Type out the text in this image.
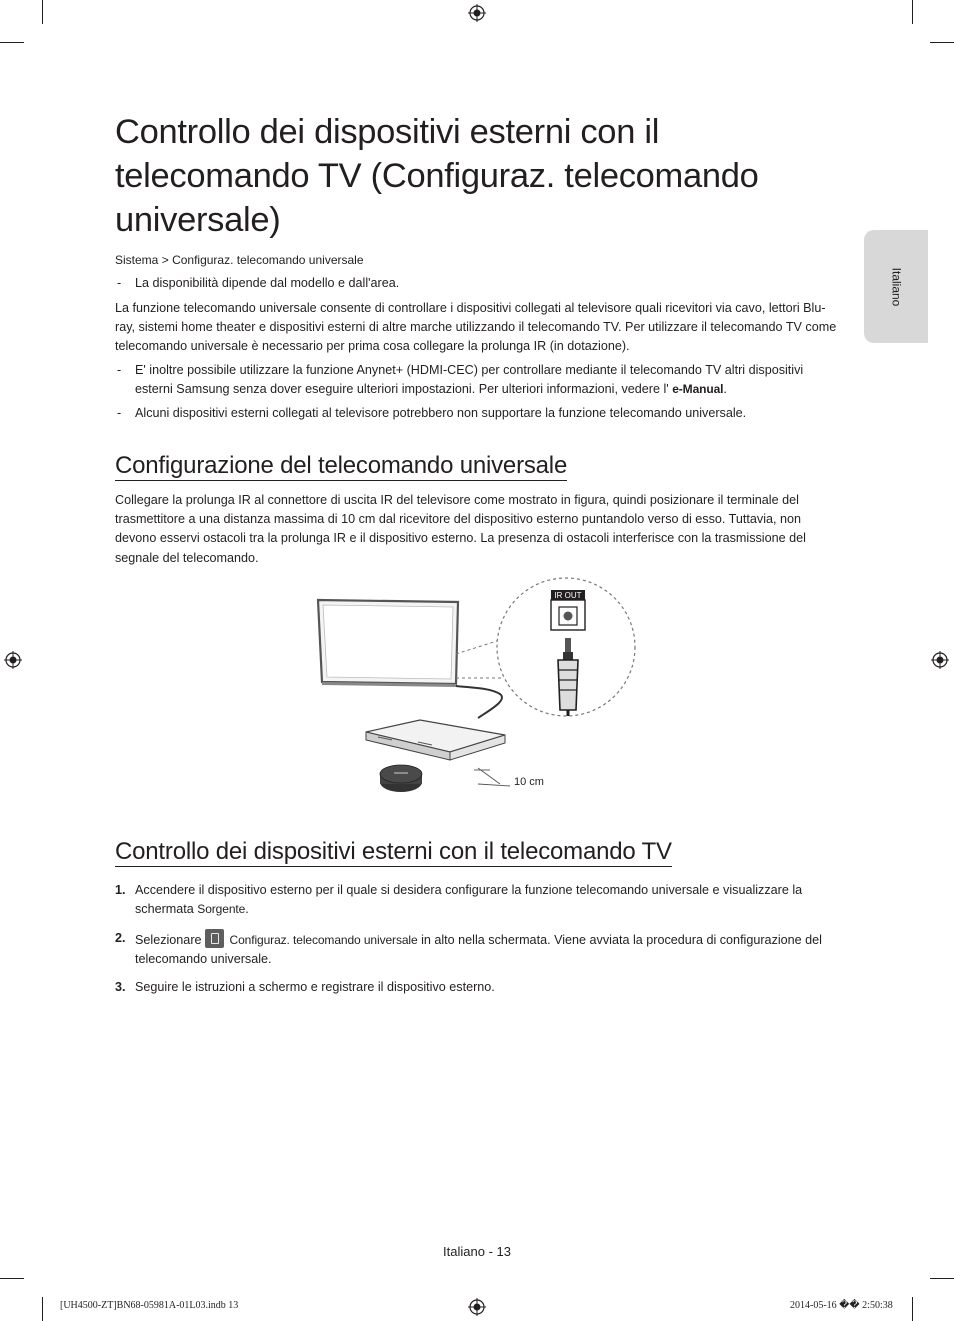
Italiano
Controllo dei dispositivi esterni con il telecomando TV (Configuraz. telecomando universale)
Sistema > Configuraz. telecomando universale
- La disponibilità dipende dal modello e dall'area.

La funzione telecomando universale consente di controllare i dispositivi collegati al televisore quali ricevitori via cavo, lettori Blu-ray, sistemi home theater e dispositivi esterni di altre marche utilizzando il telecomando TV. Per utilizzare il telecomando TV come telecomando universale è necessario per prima cosa collegare la prolunga IR (in dotazione).

- E' inoltre possibile utilizzare la funzione Anynet+ (HDMI-CEC) per controllare mediante il telecomando TV altri dispositivi esterni Samsung senza dover eseguire ulteriori impostazioni. Per ulteriori informazioni, vedere l' e-Manual.
- Alcuni dispositivi esterni collegati al televisore potrebbero non supportare la funzione telecomando universale.
Configurazione del telecomando universale

Collegare la prolunga IR al connettore di uscita IR del televisore come mostrato in figura, quindi posizionare il terminale del trasmettitore a una distanza massima di 10 cm dal ricevitore del dispositivo esterno puntandolo verso di esso. Tuttavia, non devono esservi ostacoli tra la prolunga IR e il dispositivo esterno. La presenza di ostacoli interferisce con la trasmissione del segnale del telecomando.

IR OUT
10 cm
Controllo dei dispositivi esterni con il telecomando TV
1. Accendere il dispositivo esterno per il quale si desidera configurare la funzione telecomando universale e visualizzare la schermata Sorgente.
2. Selezionare Configuraz. telecomando universale in alto nella schermata. Viene avviata la procedura di configurazione del telecomando universale.
3. Seguire le istruzioni a schermo e registrare il dispositivo esterno.
Italiano - 13
[UH4500-ZT]BN68-05981A-01L03.indb 13	2014-05-16 �� 2:50:38
